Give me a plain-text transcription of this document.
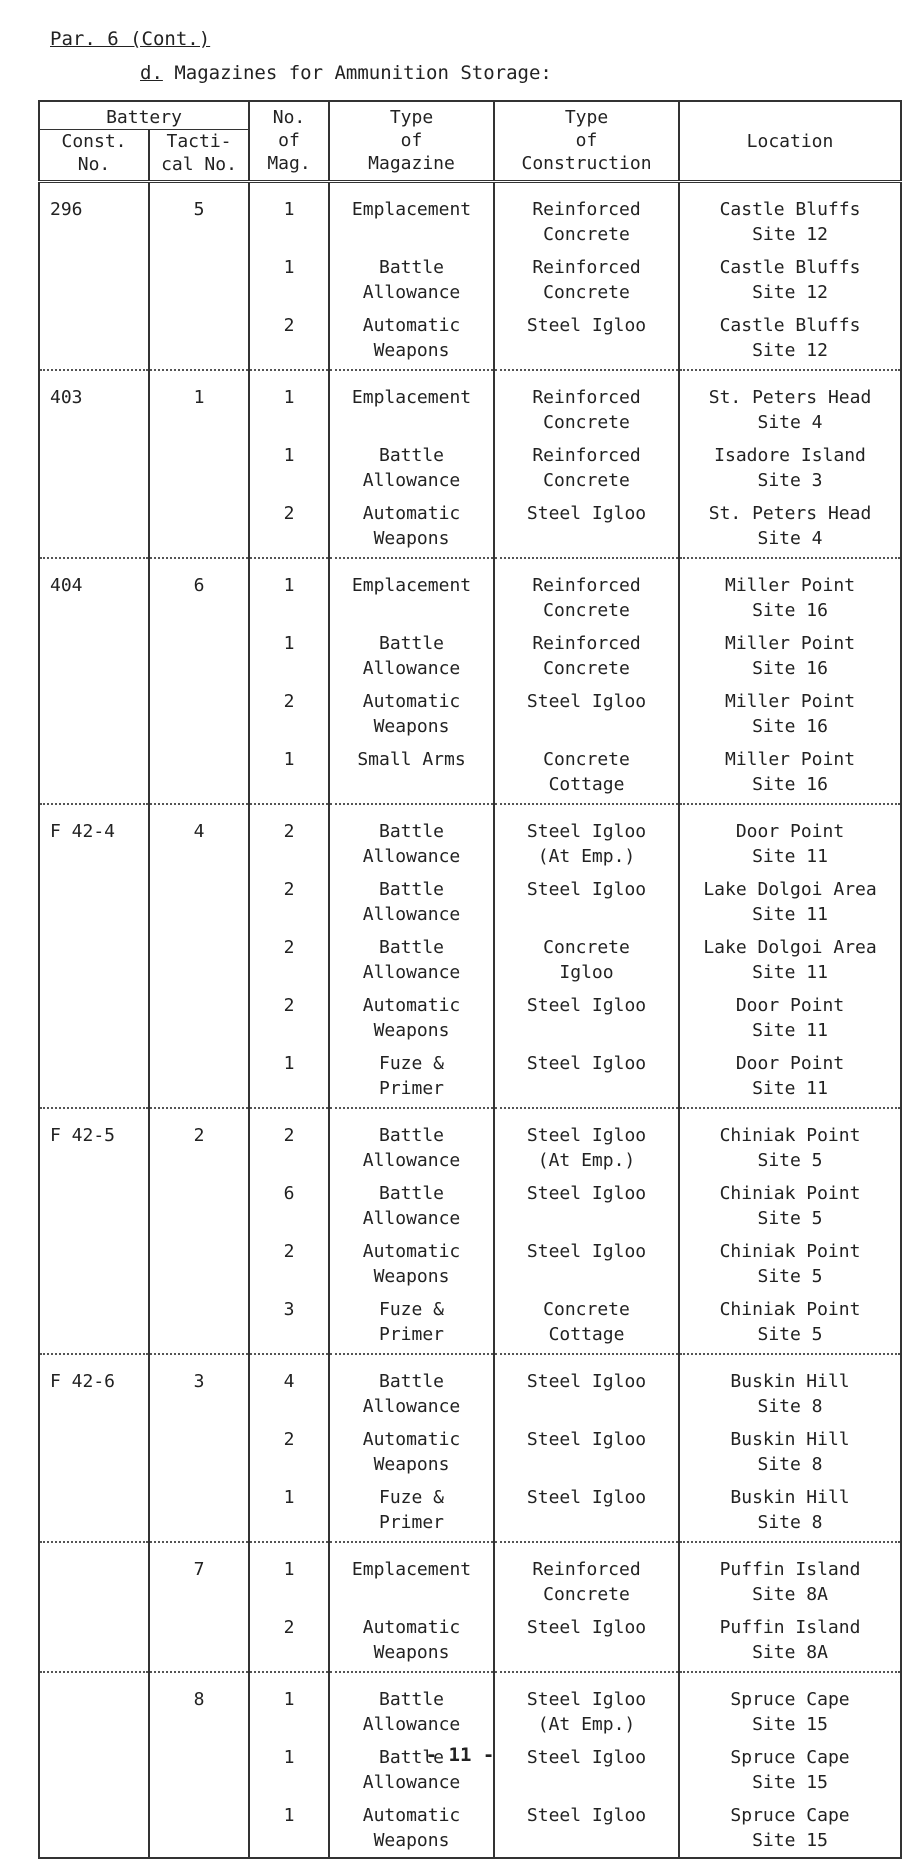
Par. 6 (Cont.)
d. Magazines for Ammunition Storage:
Battery		No.
of
Mag.	Type
of
Magazine	Type
of
Construction	Location

Const.
No.	Tacti-
cal No.				

296	5	1	Emplacement	Reinforced
Concrete	Castle Bluffs
Site 12

		1	Battle
Allowance	Reinforced
Concrete	Castle Bluffs
Site 12

		2	Automatic
Weapons	Steel Igloo	Castle Bluffs
Site 12

403	1	1	Emplacement	Reinforced
Concrete	St. Peters Head
Site 4

		1	Battle
Allowance	Reinforced
Concrete	Isadore Island
Site 3

		2	Automatic
Weapons	Steel Igloo	St. Peters Head
Site 4

404	6	1	Emplacement	Reinforced
Concrete	Miller Point
Site 16

		1	Battle
Allowance	Reinforced
Concrete	Miller Point
Site 16

		2	Automatic
Weapons	Steel Igloo	Miller Point
Site 16

		1	Small Arms	Concrete
Cottage	Miller Point
Site 16

F 42-4	4	2	Battle
Allowance	Steel Igloo
(At Emp.)	Door Point
Site 11

		2	Battle
Allowance	Steel Igloo	Lake Dolgoi Area
Site 11

		2	Battle
Allowance	Concrete
Igloo	Lake Dolgoi Area
Site 11

		2	Automatic
Weapons	Steel Igloo	Door Point
Site 11

		1	Fuze &
Primer	Steel Igloo	Door Point
Site 11

F 42-5	2	2	Battle
Allowance	Steel Igloo
(At Emp.)	Chiniak Point
Site 5

		6	Battle
Allowance	Steel Igloo	Chiniak Point
Site 5

		2	Automatic
Weapons	Steel Igloo	Chiniak Point
Site 5

		3	Fuze &
Primer	Concrete
Cottage	Chiniak Point
Site 5

F 42-6	3	4	Battle
Allowance	Steel Igloo	Buskin Hill
Site 8

		2	Automatic
Weapons	Steel Igloo	Buskin Hill
Site 8

		1	Fuze &
Primer	Steel Igloo	Buskin Hill
Site 8

	7	1	Emplacement	Reinforced
Concrete	Puffin Island
Site 8A

		2	Automatic
Weapons	Steel Igloo	Puffin Island
Site 8A

	8	1	Battle
Allowance	Steel Igloo
(At Emp.)	Spruce Cape
Site 15

		1	Battle
Allowance	Steel Igloo	Spruce Cape
Site 15

		1	Automatic
Weapons	Steel Igloo	Spruce Cape
Site 15
- 11 -
